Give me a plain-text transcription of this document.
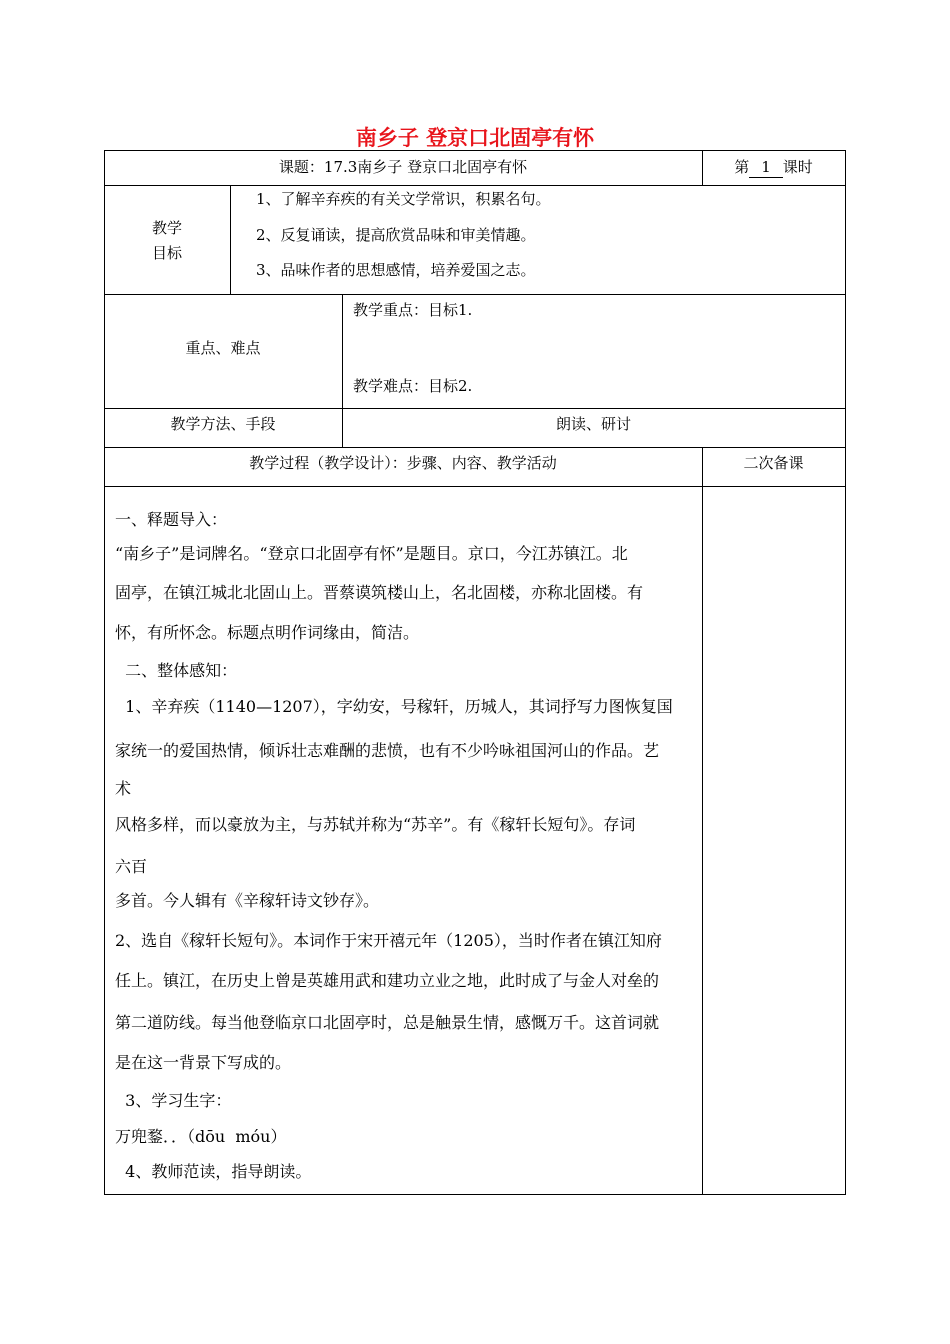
南乡子 登京口北固亭有怀
课题：17.3南乡子 登京口北固亭有怀	第 1 课时
教学
目标
1、了解辛弃疾的有关文学常识，积累名句。
2、反复诵读，提高欣赏品味和审美情趣。
3、品味作者的思想感情，培养爱国之志。
重点、难点
教学重点：目标1.
教学难点：目标2.
教学方法、手段	朗读、研讨
教学过程（教学设计）：步骤、内容、教学活动	二次备课
一、释题导入：
“南乡子”是词牌名。“登京口北固亭有怀”是题目。京口，今江苏镇江。北
固亭，在镇江城北北固山上。晋蔡谟筑楼山上，名北固楼，亦称北固楼。有
怀，有所怀念。标题点明作词缘由，简洁。
二、整体感知：
1、辛弃疾（1140—1207），字幼安，号稼轩，历城人，其词抒写力图恢复国
家统一的爱国热情，倾诉壮志难酬的悲愤，也有不少吟咏祖国河山的作品。艺
术
风格多样，而以豪放为主，与苏轼并称为“苏辛”。有《稼轩长短句》。存词
六百
多首。今人辑有《辛稼轩诗文钞存》。
2、选自《稼轩长短句》。本词作于宋开禧元年（1205），当时作者在镇江知府
任上。镇江，在历史上曾是英雄用武和建功立业之地，此时成了与金人对垒的
第二道防线。每当他登临京口北固亭时，总是触景生情，感慨万千。这首词就
是在这一背景下写成的。
3、学习生字：
万兜鍪．．（dōu  móu）
4、教师范读，指导朗读。
